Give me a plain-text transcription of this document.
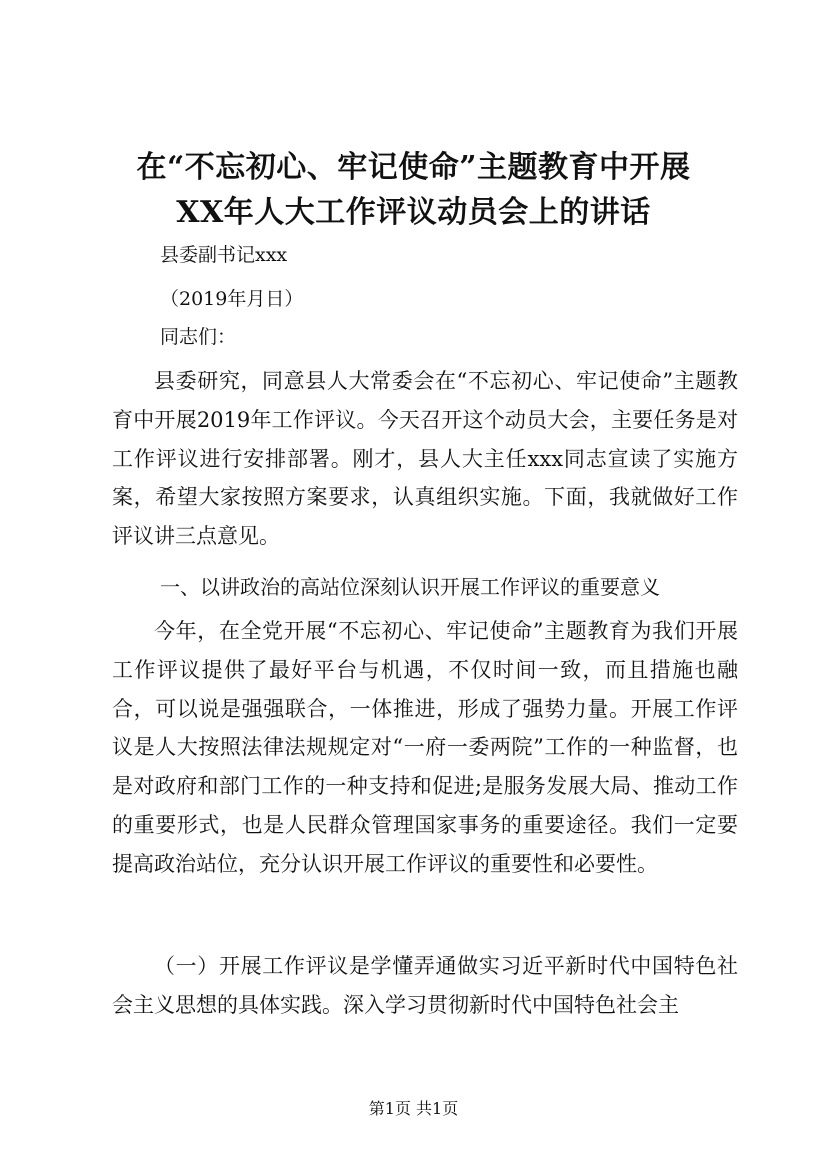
在“不忘初心、牢记使命”主题教育中开展
XX年人大工作评议动员会上的讲话

县委副书记xxx

（2019年月日）

同志们：

县委研究，同意县人大常委会在“不忘初心、牢记使命”主题教育中开展2019年工作评议。今天召开这个动员大会，主要任务是对工作评议进行安排部署。刚才，县人大主任xxx同志宣读了实施方案，希望大家按照方案要求，认真组织实施。下面，我就做好工作评议讲三点意见。

一、以讲政治的高站位深刻认识开展工作评议的重要意义

今年，在全党开展“不忘初心、牢记使命”主题教育为我们开展工作评议提供了最好平台与机遇，不仅时间一致，而且措施也融合，可以说是强强联合，一体推进，形成了强势力量。开展工作评议是人大按照法律法规规定对“一府一委两院”工作的一种监督，也是对政府和部门工作的一种支持和促进;是服务发展大局、推动工作的重要形式，也是人民群众管理国家事务的重要途径。我们一定要提高政治站位，充分认识开展工作评议的重要性和必要性。

（一）开展工作评议是学懂弄通做实习近平新时代中国特色社会主义思想的具体实践。深入学习贯彻新时代中国特色社会主

第1页 共1页
